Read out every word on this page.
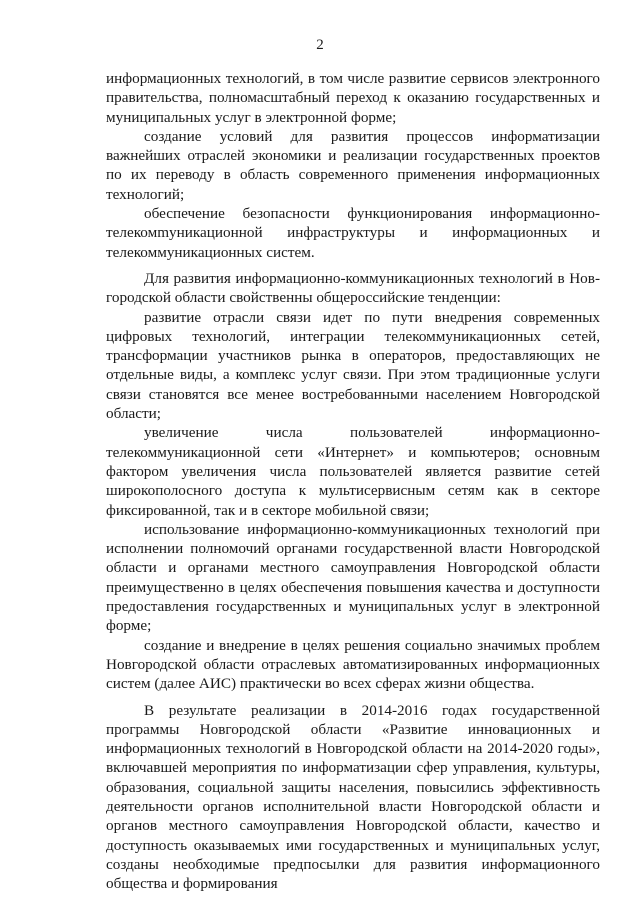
2

информационных технологий, в том числе развитие сервисов электронного правительства, полномасштабный переход к оказанию государственных и муниципальных услуг в электронной форме;

создание условий для развития процессов информатизации важнейших отраслей экономики и реализации государственных проектов по их переводу в область современного применения информационных технологий;

обеспечение безопасности функционирования информационно-телекомmуникационной инфраструктуры и информационных и телекоммуникационных систем.

Для развития информационно-коммуникационных технологий в Новгородской области свойственны общероссийские тенденции:

развитие отрасли связи идет по пути внедрения современных цифровых технологий, интеграции телекоммуникационных сетей, трансформации участников рынка в операторов, предоставляющих не отдельные виды, а комплекс услуг связи. При этом традиционные услуги связи становятся все менее востребованными населением Новгородской области;

увеличение числа пользователей информационно-телекоммуникационной сети «Интернет» и компьютеров; основным фактором увеличения числа пользователей является развитие сетей широкополосного доступа к мультисервисным сетям как в секторе фиксированной, так и в секторе мобильной связи;

использование информационно-коммуникационных технологий при исполнении полномочий органами государственной власти Новгородской области и органами местного самоуправления Новгородской области преимущественно в целях обеспечения повышения качества и доступности предоставления государственных и муниципальных услуг в электронной форме;

создание и внедрение в целях решения социально значимых проблем Новгородской области отраслевых автоматизированных информационных систем (далее АИС) практически во всех сферах жизни общества.

В результате реализации в 2014-2016 годах государственной программы Новгородской области «Развитие инновационных и информационных технологий в Новгородской области на 2014-2020 годы», включавшей мероприятия по информатизации сфер управления, культуры, образования, социальной защиты населения, повысились эффективность деятельности органов исполнительной власти Новгородской области и органов местного самоуправления Новгородской области, качество и доступность оказываемых ими государственных и муниципальных услуг, созданы необходимые предпосылки для развития информационного общества и формирования
